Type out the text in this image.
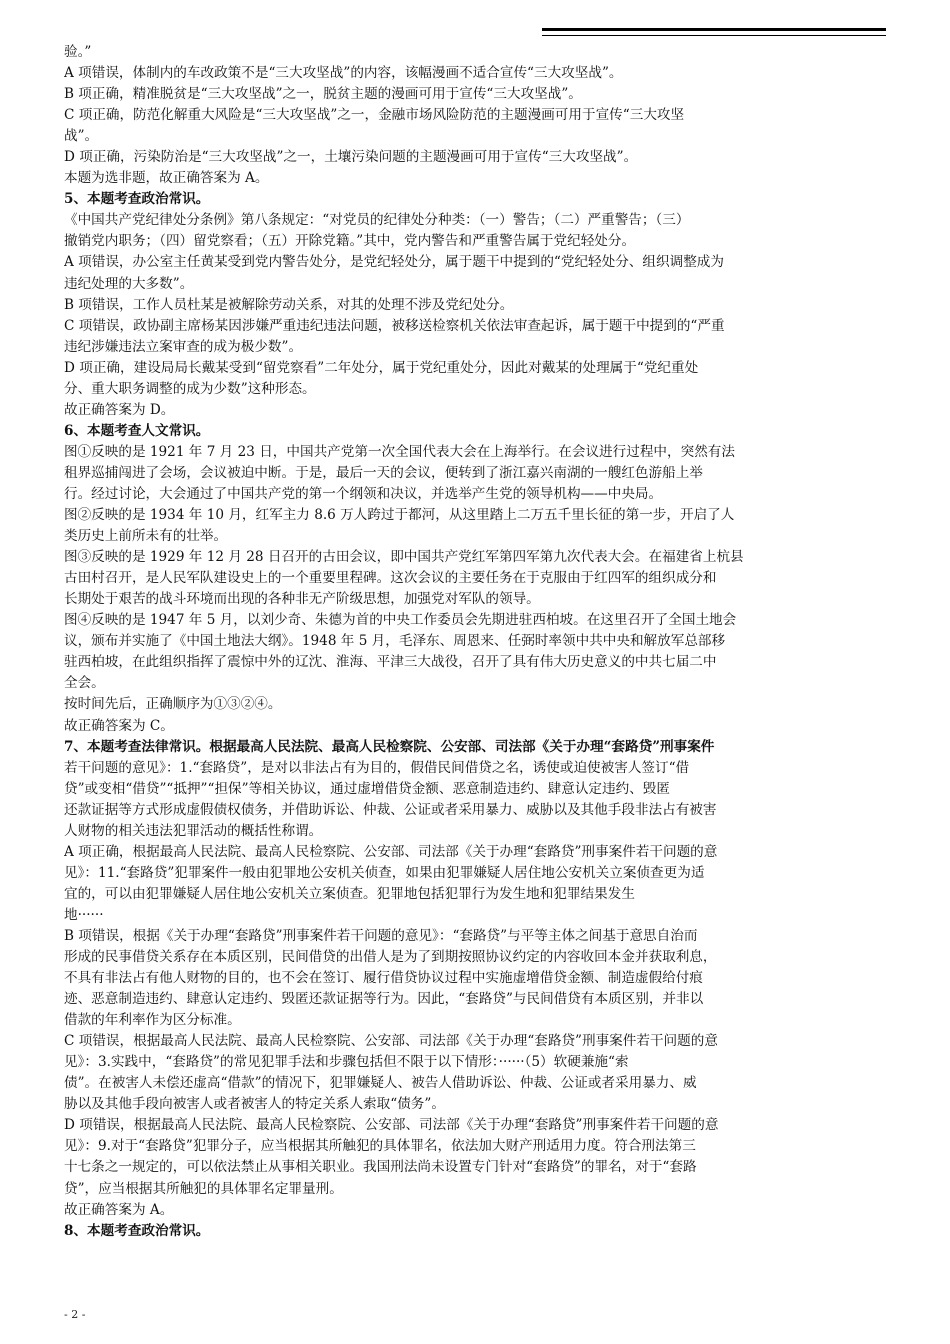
验。”
A 项错误，体制内的车改政策不是“三大攻坚战”的内容，该幅漫画不适合宣传“三大攻坚战”。
B 项正确，精准脱贫是“三大攻坚战”之一，脱贫主题的漫画可用于宣传“三大攻坚战”。
C 项正确，防范化解重大风险是“三大攻坚战”之一，金融市场风险防范的主题漫画可用于宣传“三大攻坚
战”。
D 项正确，污染防治是“三大攻坚战”之一，土壤污染问题的主题漫画可用于宣传“三大攻坚战”。
本题为选非题，故正确答案为 A。
5、本题考查政治常识。
《中国共产党纪律处分条例》第八条规定：“对党员的纪律处分种类：（一）警告；（二）严重警告；（三）
撤销党内职务；（四）留党察看；（五）开除党籍。”其中，党内警告和严重警告属于党纪轻处分。
A 项错误，办公室主任黄某受到党内警告处分，是党纪轻处分，属于题干中提到的“党纪轻处分、组织调整成为
违纪处理的大多数”。
B 项错误，工作人员杜某是被解除劳动关系，对其的处理不涉及党纪处分。
C 项错误，政协副主席杨某因涉嫌严重违纪违法问题，被移送检察机关依法审查起诉，属于题干中提到的“严重
违纪涉嫌违法立案审查的成为极少数”。
D 项正确，建设局局长戴某受到“留党察看”二年处分，属于党纪重处分，因此对戴某的处理属于“党纪重处
分、重大职务调整的成为少数”这种形态。
故正确答案为 D。
6、本题考查人文常识。
图①反映的是 1921 年 7 月 23 日，中国共产党第一次全国代表大会在上海举行。在会议进行过程中，突然有法
租界巡捕闯进了会场，会议被迫中断。于是，最后一天的会议，便转到了浙江嘉兴南湖的一艘红色游船上举
行。经过讨论，大会通过了中国共产党的第一个纲领和决议，并选举产生党的领导机构——中央局。
图②反映的是 1934 年 10 月，红军主力 8.6 万人跨过于都河，从这里踏上二万五千里长征的第一步，开启了人
类历史上前所未有的壮举。
图③反映的是 1929 年 12 月 28 日召开的古田会议，即中国共产党红军第四军第九次代表大会。在福建省上杭县
古田村召开，是人民军队建设史上的一个重要里程碑。这次会议的主要任务在于克服由于红四军的组织成分和
长期处于艰苦的战斗环境而出现的各种非无产阶级思想，加强党对军队的领导。
图④反映的是 1947 年 5 月，以刘少奇、朱德为首的中央工作委员会先期进驻西柏坡。在这里召开了全国土地会
议，颁布并实施了《中国土地法大纲》。1948 年 5 月，毛泽东、周恩来、任弼时率领中共中央和解放军总部移
驻西柏坡，在此组织指挥了震惊中外的辽沈、淮海、平津三大战役，召开了具有伟大历史意义的中共七届二中
全会。
按时间先后，正确顺序为①③②④。
故正确答案为 C。
7、本题考查法律常识。根据最高人民法院、最高人民检察院、公安部、司法部《关于办理“套路贷”刑事案件
若干问题的意见》：1.“套路贷”，是对以非法占有为目的，假借民间借贷之名，诱使或迫使被害人签订“借
贷”或变相“借贷”“抵押”“担保”等相关协议，通过虚增借贷金额、恶意制造违约、肆意认定违约、毁匿
还款证据等方式形成虚假债权债务，并借助诉讼、仲裁、公证或者采用暴力、威胁以及其他手段非法占有被害
人财物的相关违法犯罪活动的概括性称谓。
A 项正确，根据最高人民法院、最高人民检察院、公安部、司法部《关于办理“套路贷”刑事案件若干问题的意
见》：11.“套路贷”犯罪案件一般由犯罪地公安机关侦查，如果由犯罪嫌疑人居住地公安机关立案侦查更为适
宜的，可以由犯罪嫌疑人居住地公安机关立案侦查。犯罪地包括犯罪行为发生地和犯罪结果发生
地······
B 项错误，根据《关于办理“套路贷”刑事案件若干问题的意见》：“套路贷”与平等主体之间基于意思自治而
形成的民事借贷关系存在本质区别，民间借贷的出借人是为了到期按照协议约定的内容收回本金并获取利息，
不具有非法占有他人财物的目的，也不会在签订、履行借贷协议过程中实施虚增借贷金额、制造虚假给付痕
迹、恶意制造违约、肆意认定违约、毁匿还款证据等行为。因此，“套路贷”与民间借贷有本质区别，并非以
借款的年利率作为区分标准。
C 项错误，根据最高人民法院、最高人民检察院、公安部、司法部《关于办理“套路贷”刑事案件若干问题的意
见》：3.实践中，“套路贷”的常见犯罪手法和步骤包括但不限于以下情形：······（5）软硬兼施“索
债”。在被害人未偿还虚高“借款”的情况下，犯罪嫌疑人、被告人借助诉讼、仲裁、公证或者采用暴力、威
胁以及其他手段向被害人或者被害人的特定关系人索取“债务”。
D 项错误，根据最高人民法院、最高人民检察院、公安部、司法部《关于办理“套路贷”刑事案件若干问题的意
见》：9.对于“套路贷”犯罪分子，应当根据其所触犯的具体罪名，依法加大财产刑适用力度。符合刑法第三
十七条之一规定的，可以依法禁止从事相关职业。我国刑法尚未设置专门针对“套路贷”的罪名，对于“套路
贷”，应当根据其所触犯的具体罪名定罪量刑。
故正确答案为 A。
8、本题考查政治常识。
- 2 -
